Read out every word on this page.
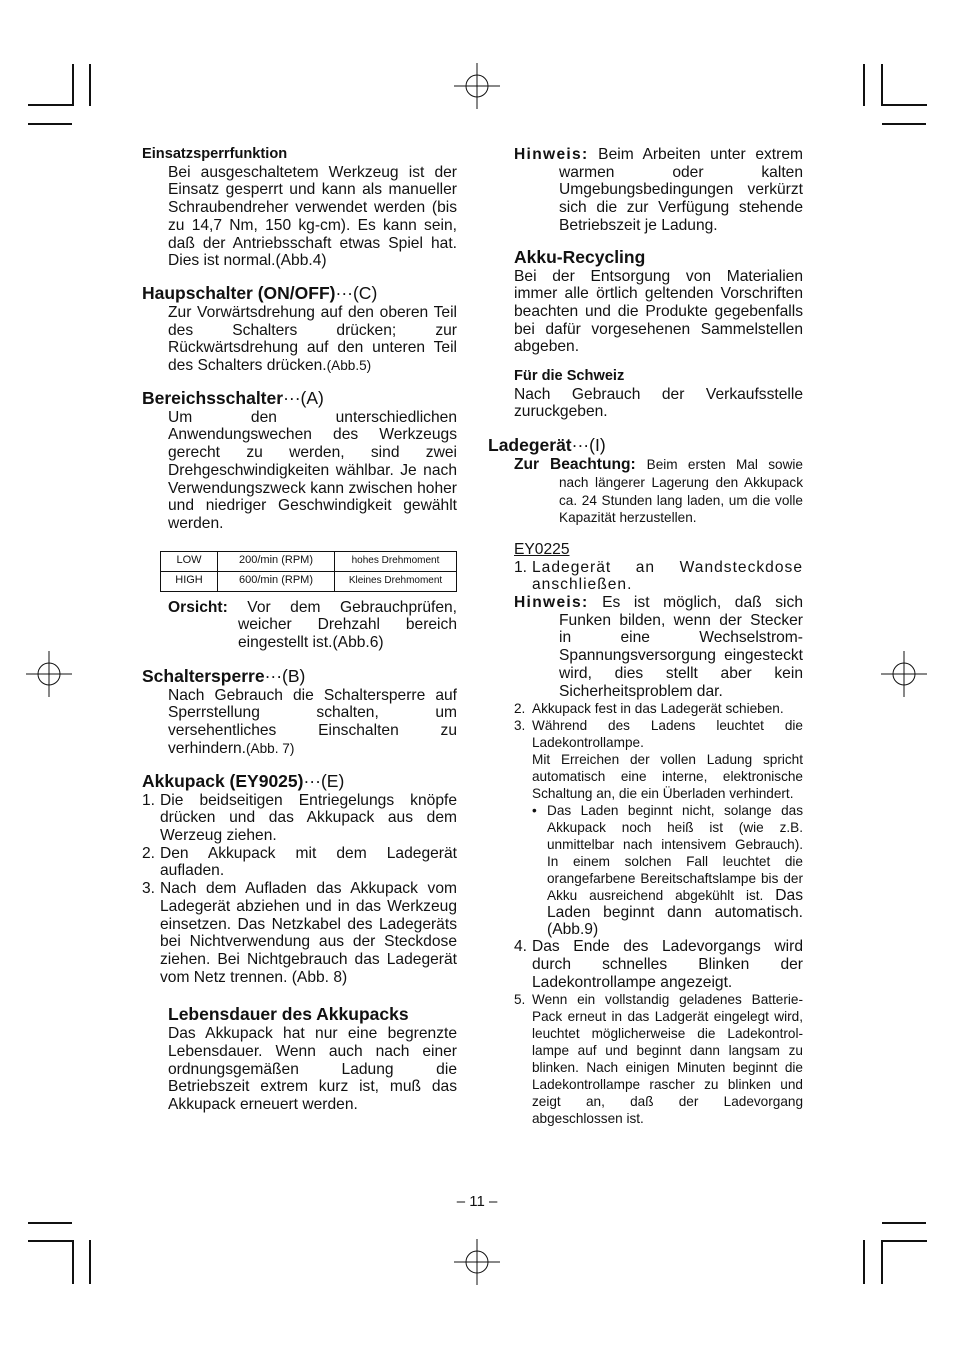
Einsatzsperrfunktion

Bei ausgeschaltetem Werkzeug ist der Einsatz gesperrt und kann als manueller Schraubendreher verwendet werden (bis zu 14,7 Nm, 150 kg-cm). Es kann sein, daß der Antriebsschaft etwas Spiel hat. Dies ist normal.(Abb.4)

Haupschalter (ON/OFF)···(C)

Zur Vorwärtsdrehung auf den oberen Teil des Schalters drücken; zur Rückwärtsdrehung auf den unteren Teil des Schalters drücken.(Abb.5)

Bereichsschalter···(A)

Um den unterschiedlichen Anwendungswechen des Werkzeugs gerecht zu werden, sind zwei Drehgeschwindigkeiten wählbar. Je nach Verwendungszweck kann zwischen hoher und niedriger Geschwindigkeit gewählt werden.

LOW	200/min (RPM)	hohes Drehmoment
HIGH	600/min (RPM)	Kleines Drehmoment

Orsicht: Vor dem Gebrauchprüfen, weicher Drehzahl bereich eingestellt ist.(Abb.6)

Schaltersperre···(B)

Nach Gebrauch die Schaltersperre auf Sperrstellung schalten, um versehentliches Einschalten zu verhindern.(Abb. 7)

Akkupack (EY9025)···(E)

1. Die beidseitigen Entriegelungs knöpfe drücken und das Akkupack aus dem Werzeug ziehen.
2. Den Akkupack mit dem Ladegerät aufladen.
3. Nach dem Aufladen das Akkupack vom Ladegerät abziehen und in das Werkzeug einsetzen. Das Netzkabel des Ladegeräts bei Nichtverwendung aus der Steckdose ziehen. Bei Nichtgebrauch das Ladegerät vom Netz trennen. (Abb. 8)

Lebensdauer des Akkupacks

Das Akkupack hat nur eine begrenzte Lebensdauer. Wenn auch nach einer ordnungsgemäßen Ladung die Betriebszeit extrem kurz ist, muß das Akkupack erneuert werden.

Hinweis: Beim Arbeiten unter extrem warmen oder kalten Umgebungsbedingungen verkürzt sich die zur Verfügung stehende Betriebszeit je Ladung.

Akku-Recycling

Bei der Entsorgung von Materialien immer alle örtlich geltenden Vorschriften beachten und die Produkte gegebenfalls bei dafür vorgesehenen Sammelstellen abgeben.

Für die Schweiz

Nach Gebrauch der Verkaufsstelle zuruckgeben.

Ladegerät···(I)

Zur Beachtung: Beim ersten Mal sowie nach längerer Lagerung den Akkupack ca. 24 Stunden lang laden, um die volle Kapazität herzustellen.

EY0225

1. Ladegerät an Wandsteckdose anschließen.

Hinweis: Es ist möglich, daß sich Funken bilden, wenn der Stecker in eine Wechselstrom-Spannungsversorgung eingesteckt wird, dies stellt aber kein Sicherheitsproblem dar.

2. Akkupack fest in das Ladegerät schieben.
3. Während des Ladens leuchtet die Ladekontrollampe.
Mit Erreichen der vollen Ladung spricht automatisch eine interne, elektronische Schaltung an, die ein Überladen verhindert.
• Das Laden beginnt nicht, solange das Akkupack noch heiß ist (wie z.B. unmittelbar nach intensivem Gebrauch). In einem solchen Fall leuchtet die orangefarbene Bereitschaftslampe bis der Akku ausreichend abgekühlt ist. Das Laden beginnt dann automatisch. (Abb.9)
4. Das Ende des Ladevorgangs wird durch schnelles Blinken der Ladekontrollampe angezeigt.
5. Wenn ein vollstandig geladenes Batterie-Pack erneut in das Ladgerät eingelegt wird, leuchtet möglicherweise die Ladekontrol-lampe auf und beginnt dann langsam zu blinken. Nach einigen Minuten beginnt die Ladekontrollampe rascher zu blinken und zeigt an, daß der Ladevorgang abgeschlossen ist.
– 11 –
